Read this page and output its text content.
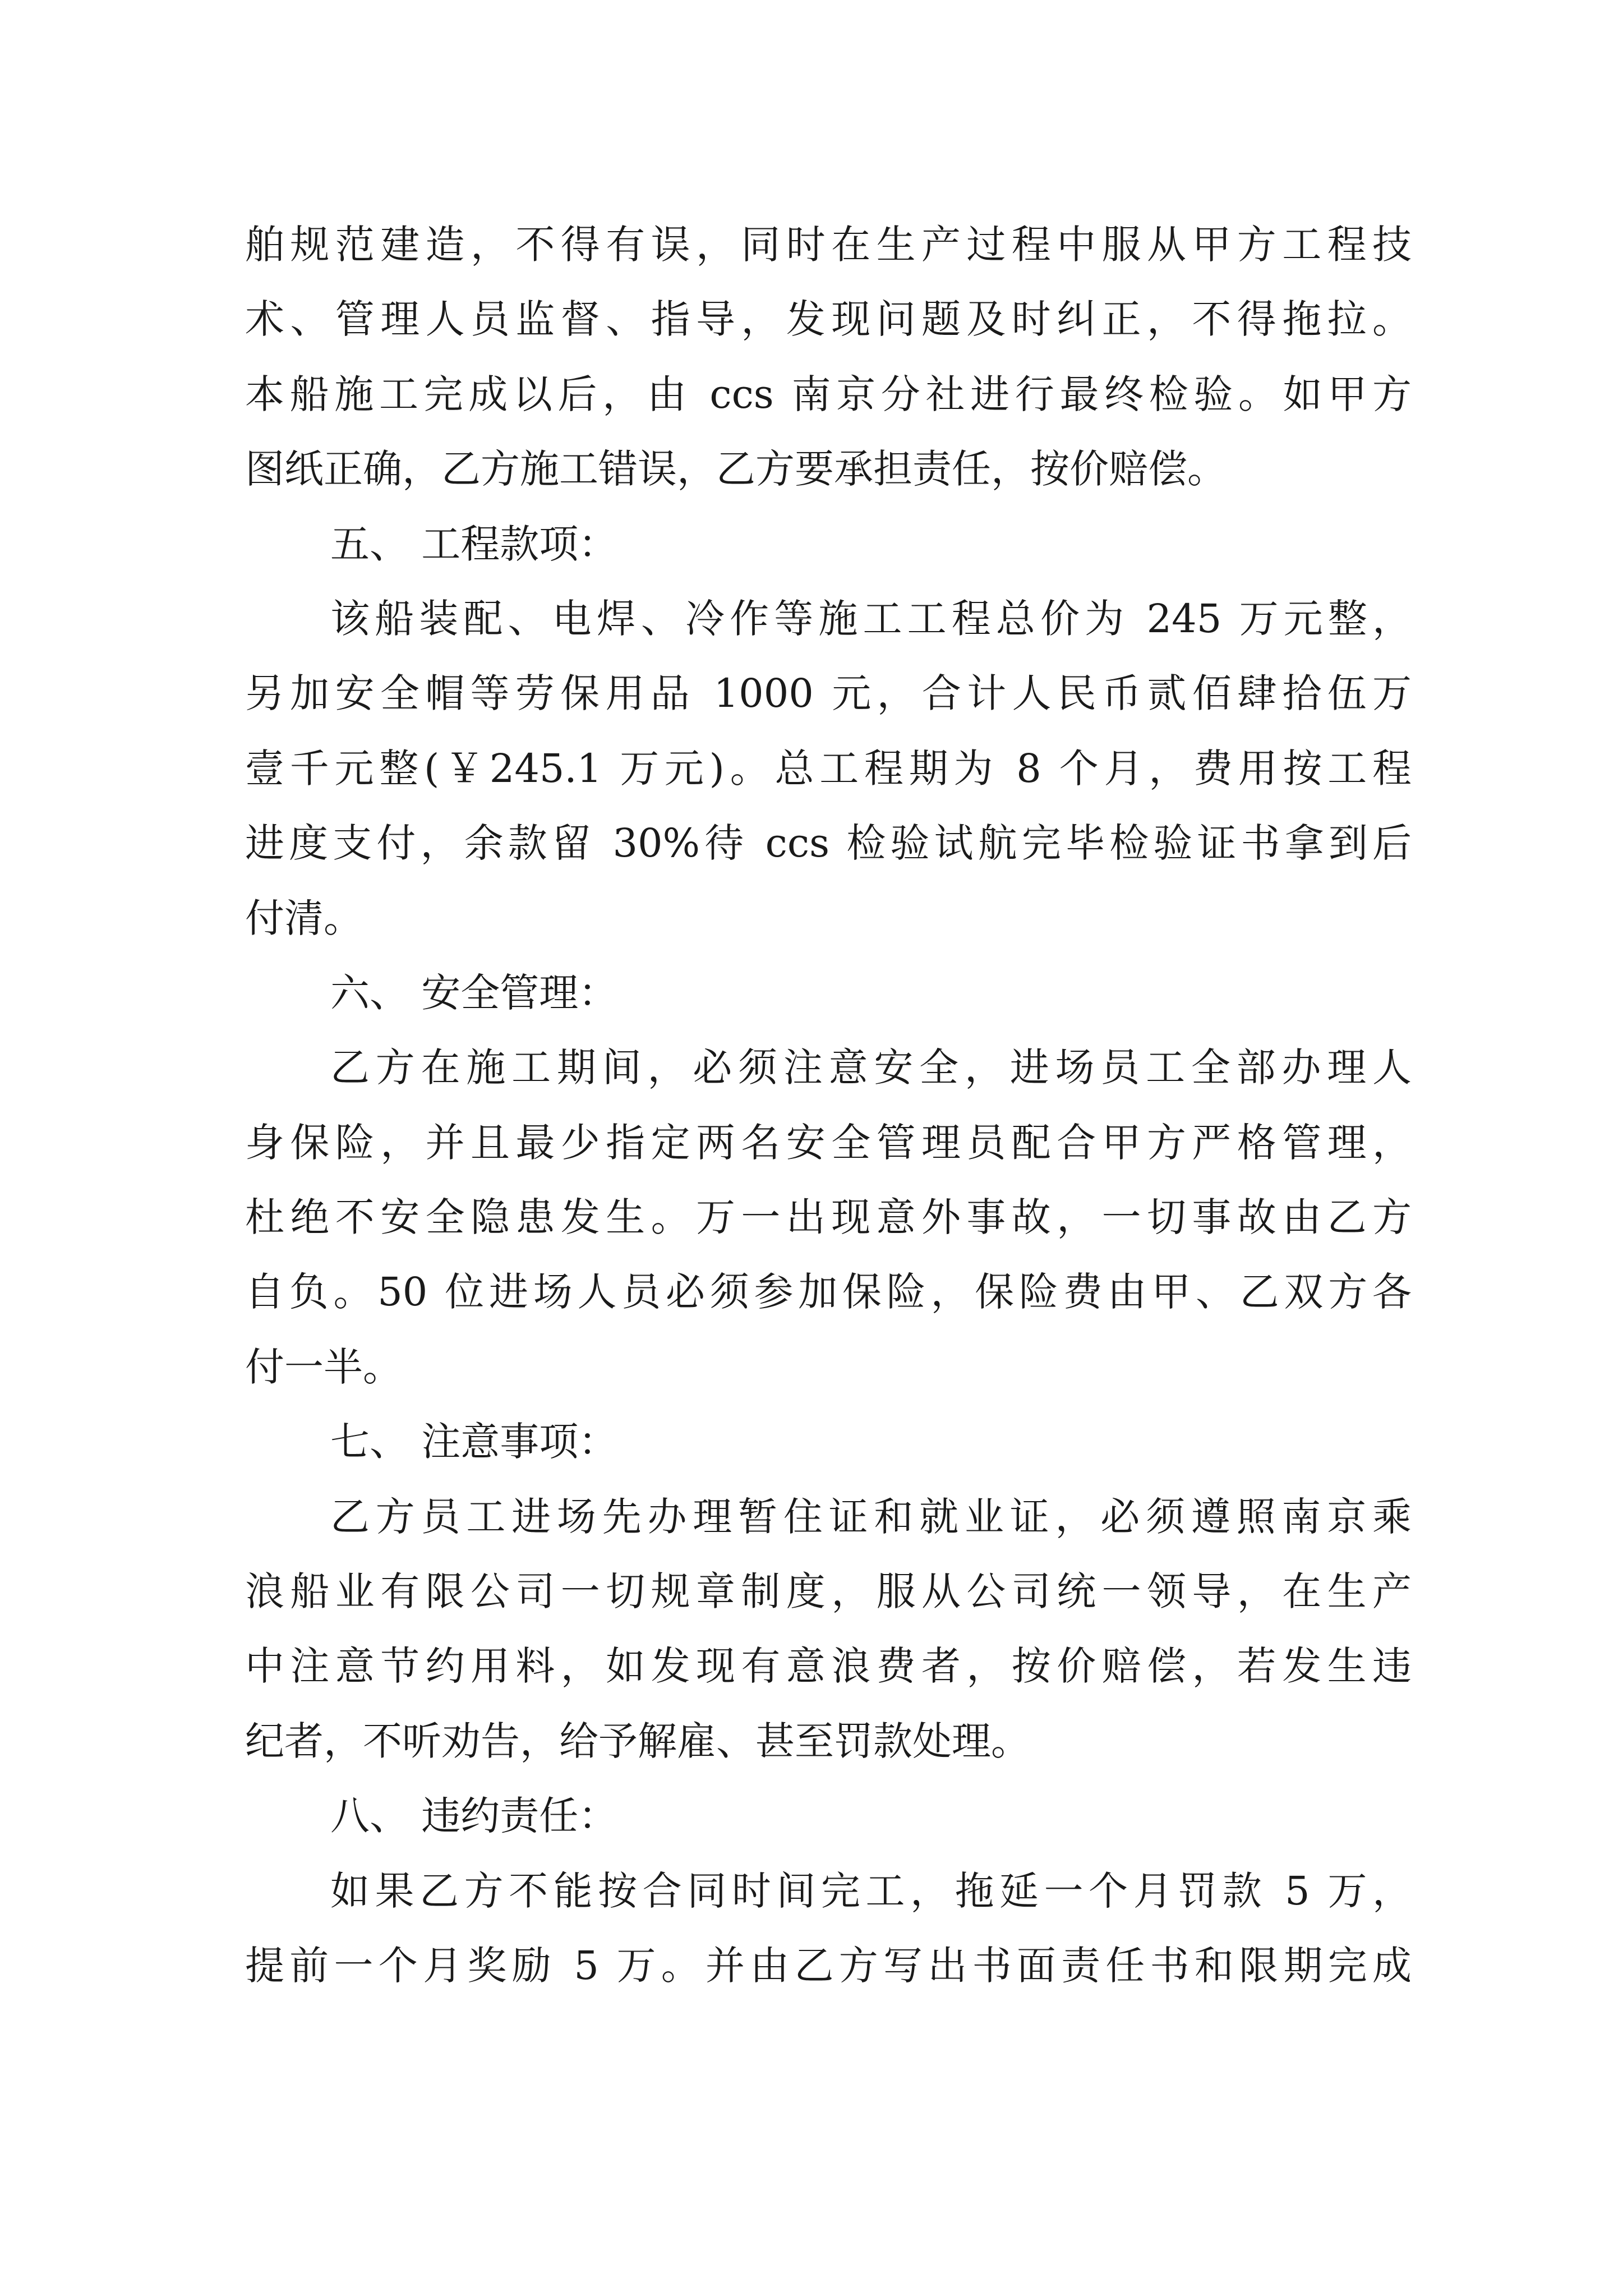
舶规范建造，不得有误，同时在生产过程中服从甲方工程技
术、管理人员监督、指导，发现问题及时纠正，不得拖拉。
本船施工完成以后，由 ccs 南京分社进行最终检验。如甲方
图纸正确，乙方施工错误，乙方要承担责任，按价赔偿。
五、 工程款项：
该船装配、电焊、冷作等施工工程总价为 245 万元整，
另加安全帽等劳保用品 1000 元，合计人民币贰佰肆拾伍万
壹千元整(￥245.1 万元)。总工程期为 8 个月，费用按工程
进度支付，余款留 30%待 ccs 检验试航完毕检验证书拿到后
付清。
六、 安全管理：
乙方在施工期间，必须注意安全，进场员工全部办理人
身保险，并且最少指定两名安全管理员配合甲方严格管理，
杜绝不安全隐患发生。万一出现意外事故，一切事故由乙方
自负。50 位进场人员必须参加保险，保险费由甲、乙双方各
付一半。
七、 注意事项：
乙方员工进场先办理暂住证和就业证，必须遵照南京乘
浪船业有限公司一切规章制度，服从公司统一领导，在生产
中注意节约用料，如发现有意浪费者，按价赔偿，若发生违
纪者，不听劝告，给予解雇、甚至罚款处理。
八、 违约责任：
如果乙方不能按合同时间完工，拖延一个月罚款 5 万，
提前一个月奖励 5 万。并由乙方写出书面责任书和限期完成
